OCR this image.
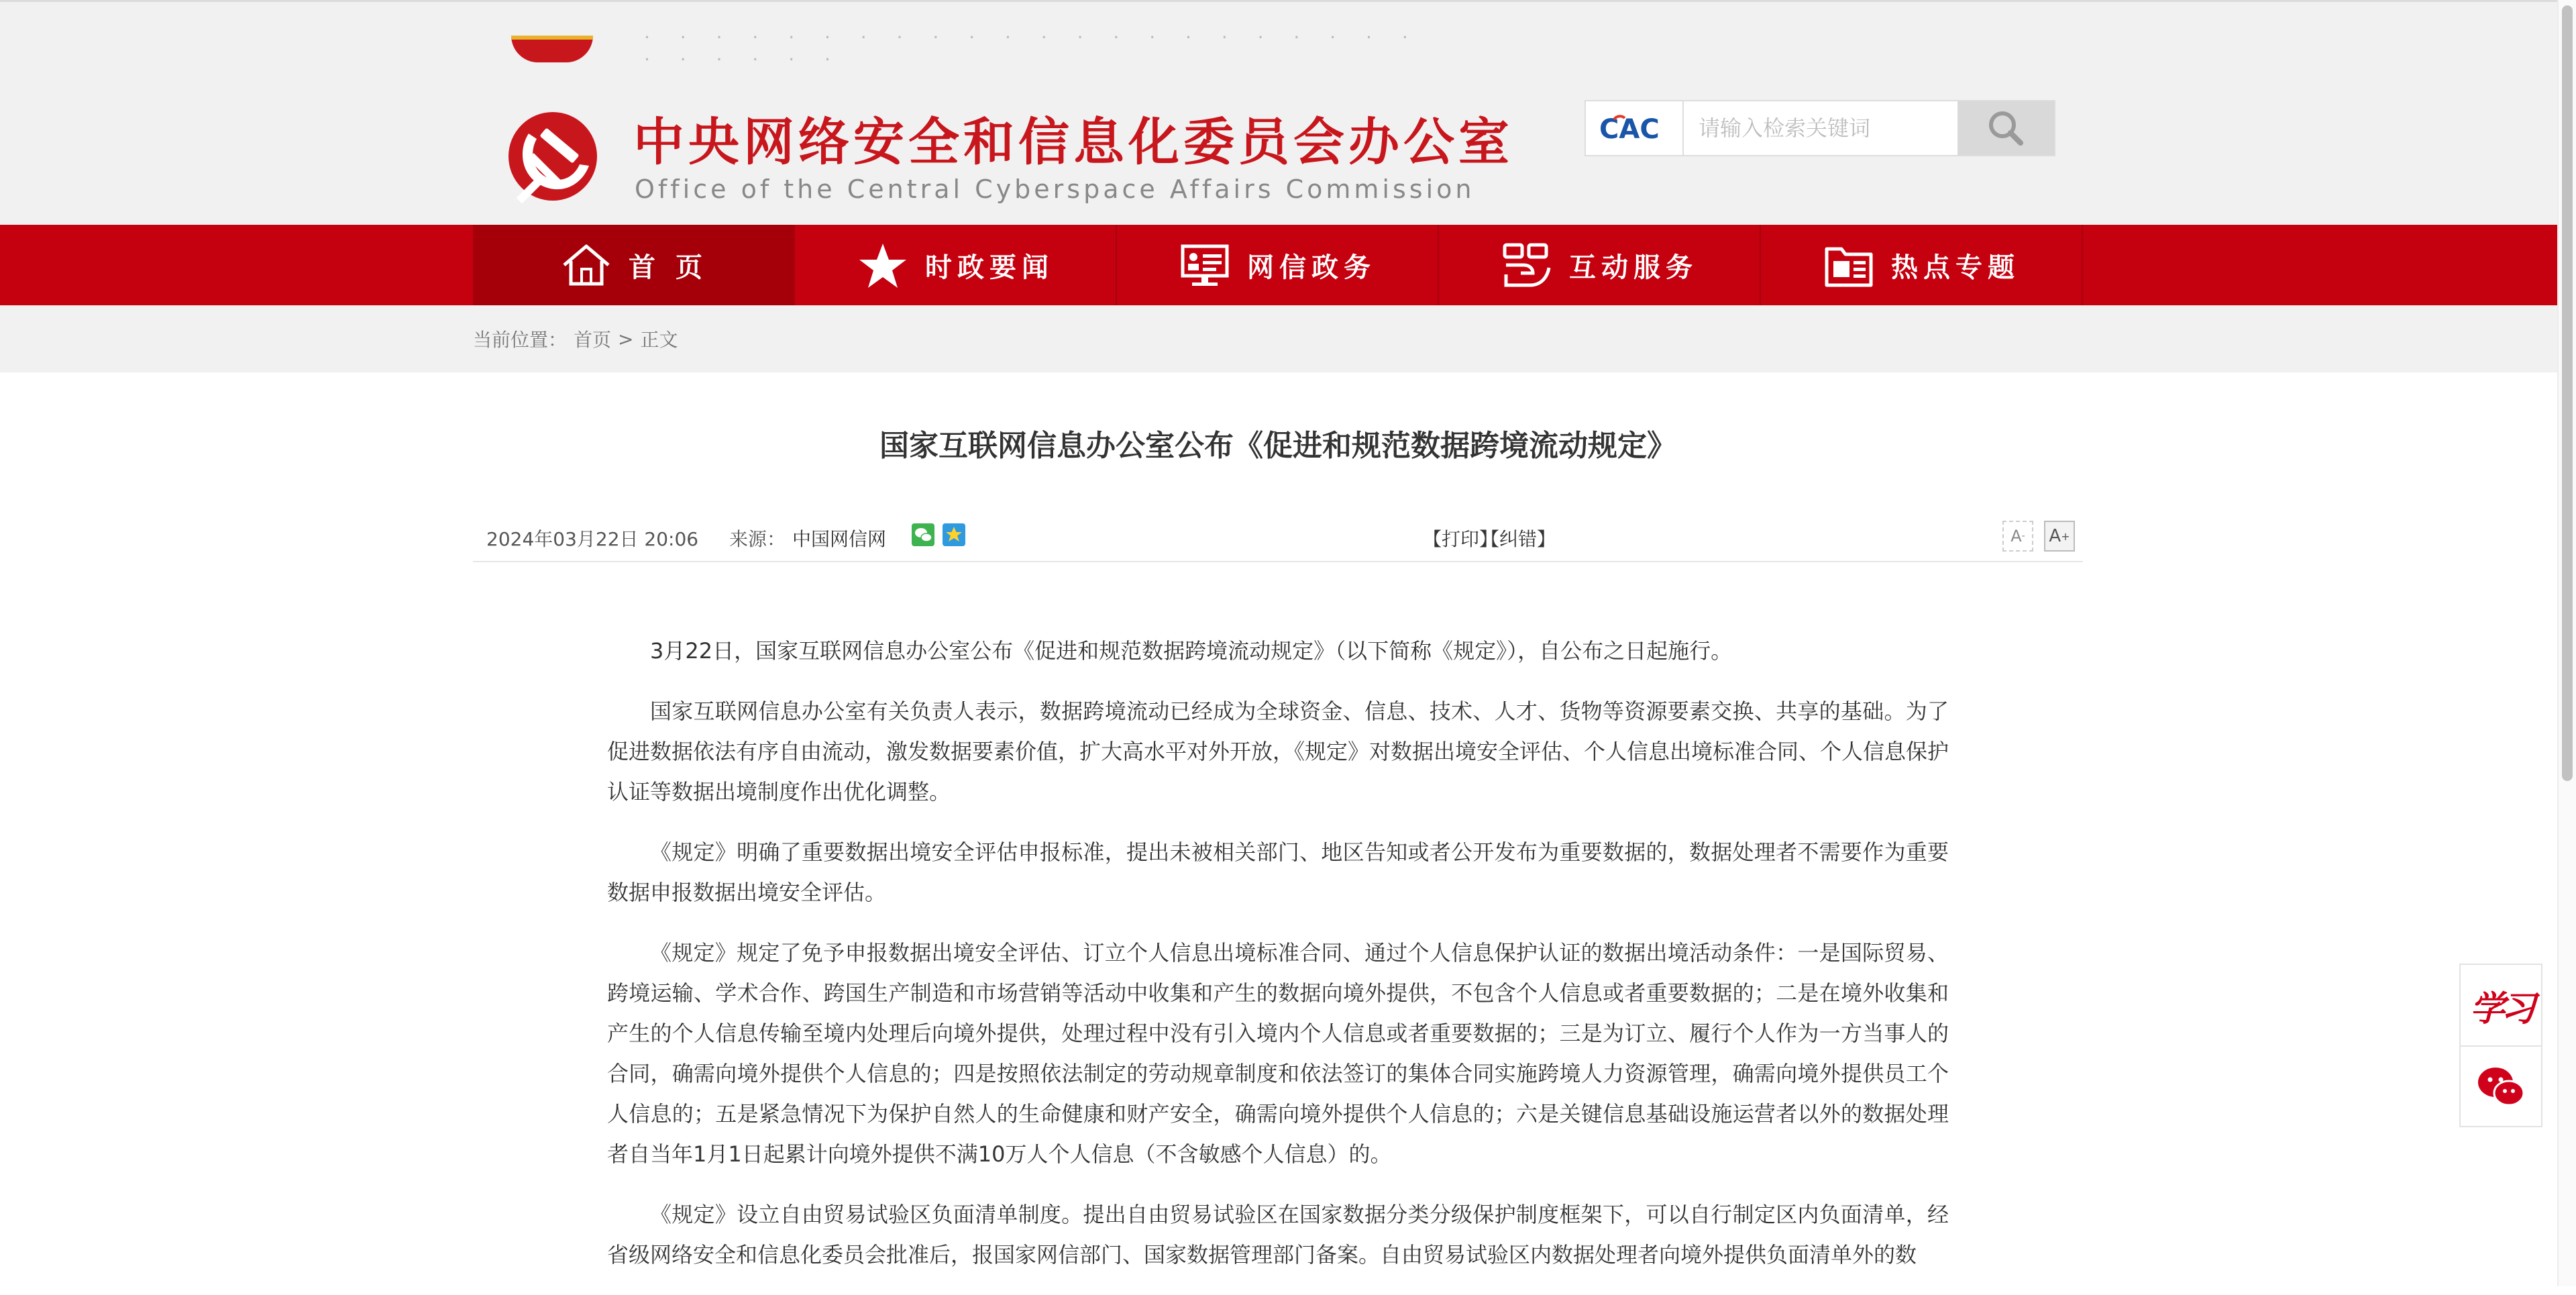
· · · · · · · · · · · · · · · · · · · · · · · · · · · ·
中央网络安全和信息化委员会办公室
Office of the Central Cyberspace Affairs Commission
CAC
请输入检索关键词
首 页	时政要闻	网信政务	互动服务	热点专题
当前位置： 首页 > 正文
国家互联网信息办公室公布《促进和规范数据跨境流动规定》
2024年03月22日 20:06 来源： 中国网信网	【打印】
【纠错】	A - A +

3月22日，国家互联网信息办公室公布《促进和规范数据跨境流动规定》（以下简称《规定》），自公布之日起施行。

国家互联网信息办公室有关负责人表示，数据跨境流动已经成为全球资金、信息、技术、人才、货物等资源要素交换、共享的基础。为了促进数据依法有序自由流动，激发数据要素价值，扩大高水平对外开放，《规定》对数据出境安全评估、个人信息出境标准合同、个人信息保护认证等数据出境制度作出优化调整。

《规定》明确了重要数据出境安全评估申报标准，提出未被相关部门、地区告知或者公开发布为重要数据的，数据处理者不需要作为重要数据申报数据出境安全评估。

《规定》规定了免予申报数据出境安全评估、订立个人信息出境标准合同、通过个人信息保护认证的数据出境活动条件：一是国际贸易、跨境运输、学术合作、跨国生产制造和市场营销等活动中收集和产生的数据向境外提供，不包含个人信息或者重要数据的；二是在境外收集和产生的个人信息传输至境内处理后向境外提供，处理过程中没有引入境内个人信息或者重要数据的；三是为订立、履行个人作为一方当事人的合同，确需向境外提供个人信息的；四是按照依法制定的劳动规章制度和依法签订的集体合同实施跨境人力资源管理，确需向境外提供员工个人信息的；五是紧急情况下为保护自然人的生命健康和财产安全，确需向境外提供个人信息的；六是关键信息基础设施运营者以外的数据处理者自当年1月1日起累计向境外提供不满10万人个人信息（不含敏感个人信息）的。

《规定》设立自由贸易试验区负面清单制度。提出自由贸易试验区在国家数据分类分级保护制度框架下，可以自行制定区内负面清单，经省级网络安全和信息化委员会批准后，报国家网信部门、国家数据管理部门备案。自由贸易试验区内数据处理者向境外提供负面清单外的数

学习
